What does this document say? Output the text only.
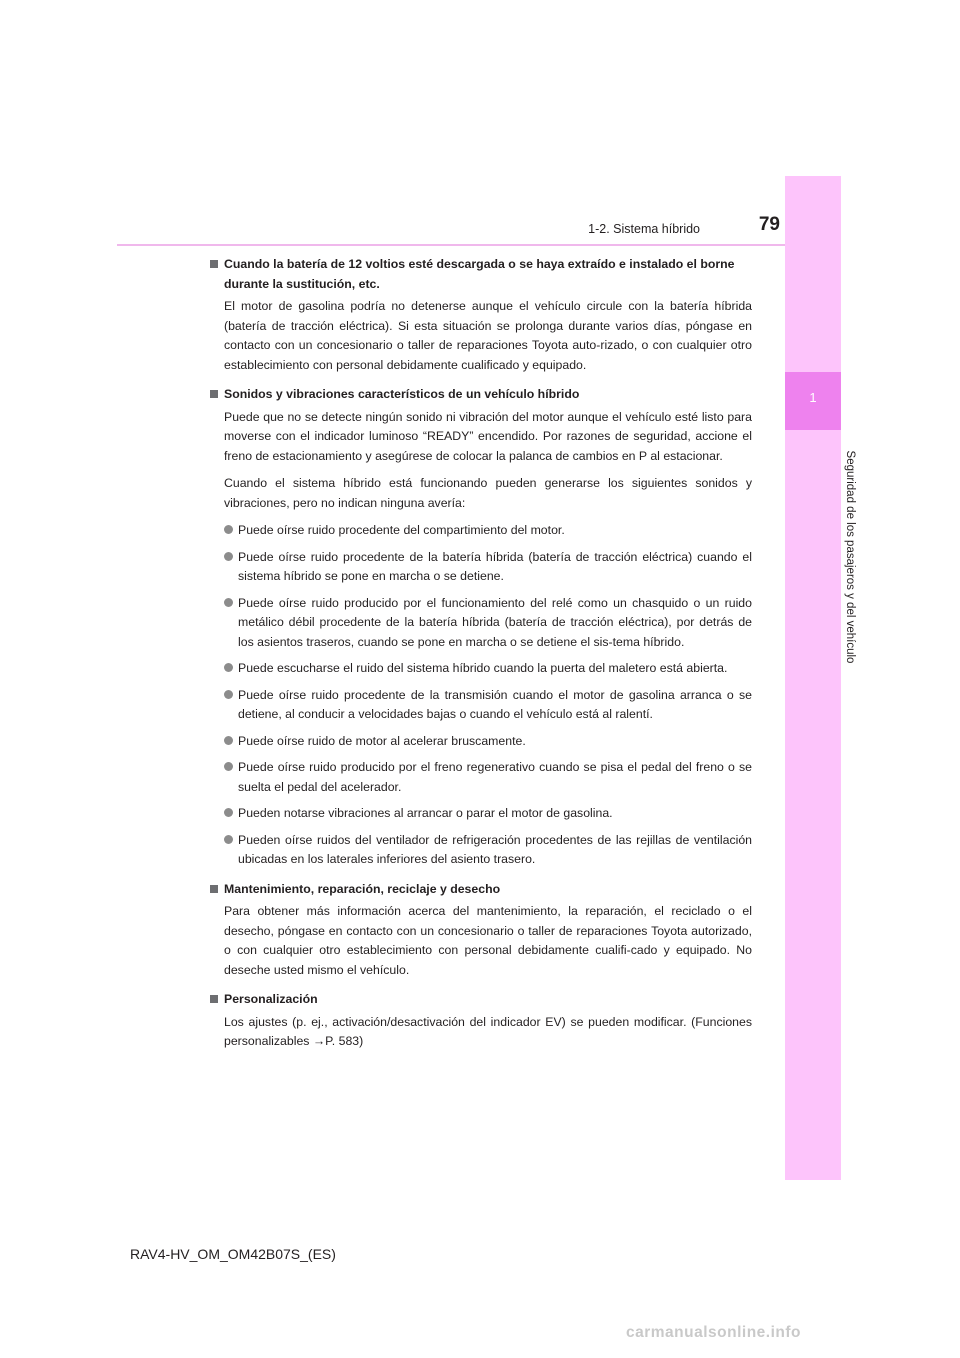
1-2. Sistema híbrido	79
1
Seguridad de los pasajeros y del vehículo
Cuando la batería de 12 voltios esté descargada o se haya extraído e instalado el borne durante la sustitución, etc.

El motor de gasolina podría no detenerse aunque el vehículo circule con la batería híbrida (batería de tracción eléctrica). Si esta situación se prolonga durante varios días, póngase en contacto con un concesionario o taller de reparaciones Toyota auto-rizado, o con cualquier otro establecimiento con personal debidamente cualificado y equipado.

Sonidos y vibraciones característicos de un vehículo híbrido

Puede que no se detecte ningún sonido ni vibración del motor aunque el vehículo esté listo para moverse con el indicador luminoso “READY” encendido. Por razones de seguridad, accione el freno de estacionamiento y asegúrese de colocar la palanca de cambios en P al estacionar.

Cuando el sistema híbrido está funcionando pueden generarse los siguientes sonidos y vibraciones, pero no indican ninguna avería:

Puede oírse ruido procedente del compartimiento del motor.
Puede oírse ruido procedente de la batería híbrida (batería de tracción eléctrica) cuando el sistema híbrido se pone en marcha o se detiene.
Puede oírse ruido producido por el funcionamiento del relé como un chasquido o un ruido metálico débil procedente de la batería híbrida (batería de tracción eléctrica), por detrás de los asientos traseros, cuando se pone en marcha o se detiene el sis-tema híbrido.
Puede escucharse el ruido del sistema híbrido cuando la puerta del maletero está abierta.
Puede oírse ruido procedente de la transmisión cuando el motor de gasolina arranca o se detiene, al conducir a velocidades bajas o cuando el vehículo está al ralentí.
Puede oírse ruido de motor al acelerar bruscamente.
Puede oírse ruido producido por el freno regenerativo cuando se pisa el pedal del freno o se suelta el pedal del acelerador.
Pueden notarse vibraciones al arrancar o parar el motor de gasolina.
Pueden oírse ruidos del ventilador de refrigeración procedentes de las rejillas de ventilación ubicadas en los laterales inferiores del asiento trasero.
Mantenimiento, reparación, reciclaje y desecho

Para obtener más información acerca del mantenimiento, la reparación, el reciclado o el desecho, póngase en contacto con un concesionario o taller de reparaciones Toyota autorizado, o con cualquier otro establecimiento con personal debidamente cualifi-cado y equipado. No deseche usted mismo el vehículo.

Personalización

Los ajustes (p. ej., activación/desactivación del indicador EV) se pueden modificar. (Funciones personalizables →P. 583)

RAV4-HV_OM_OM42B07S_(ES)
carmanualsonline.info
